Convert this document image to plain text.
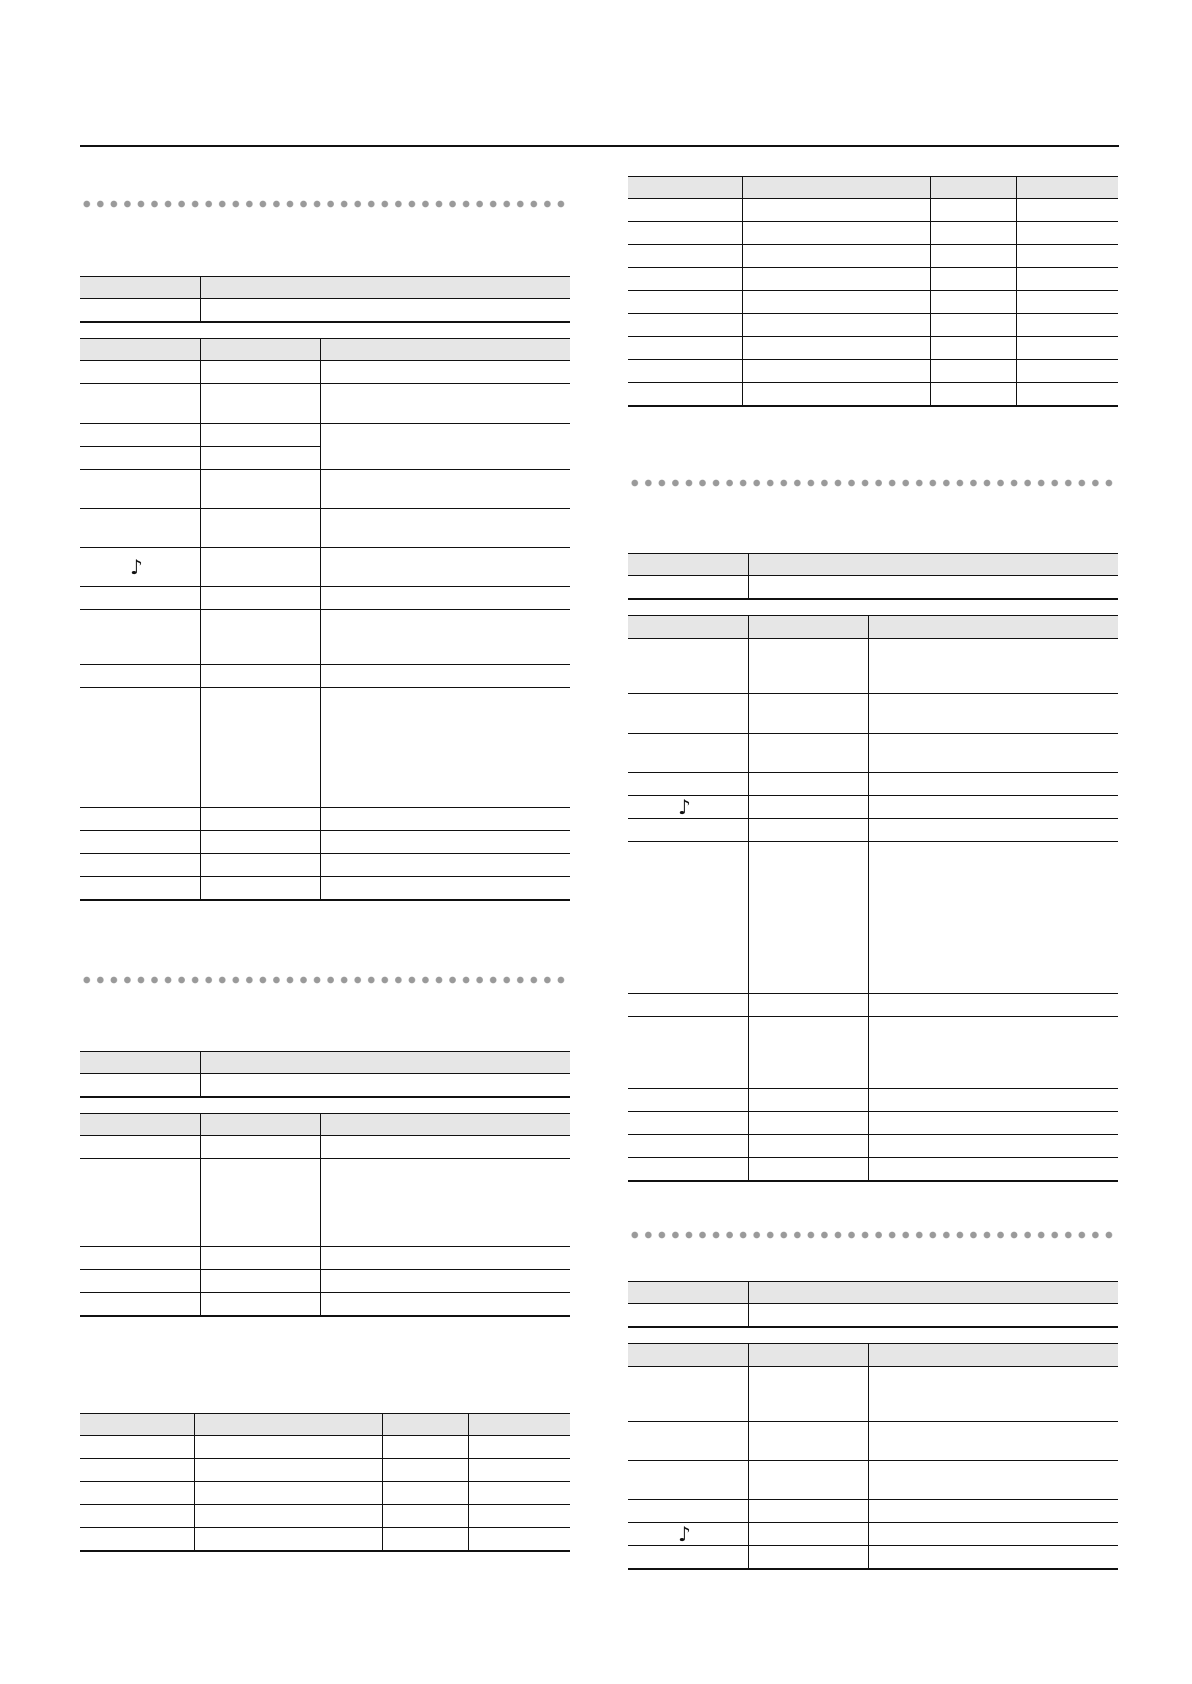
♪
♪
♪
